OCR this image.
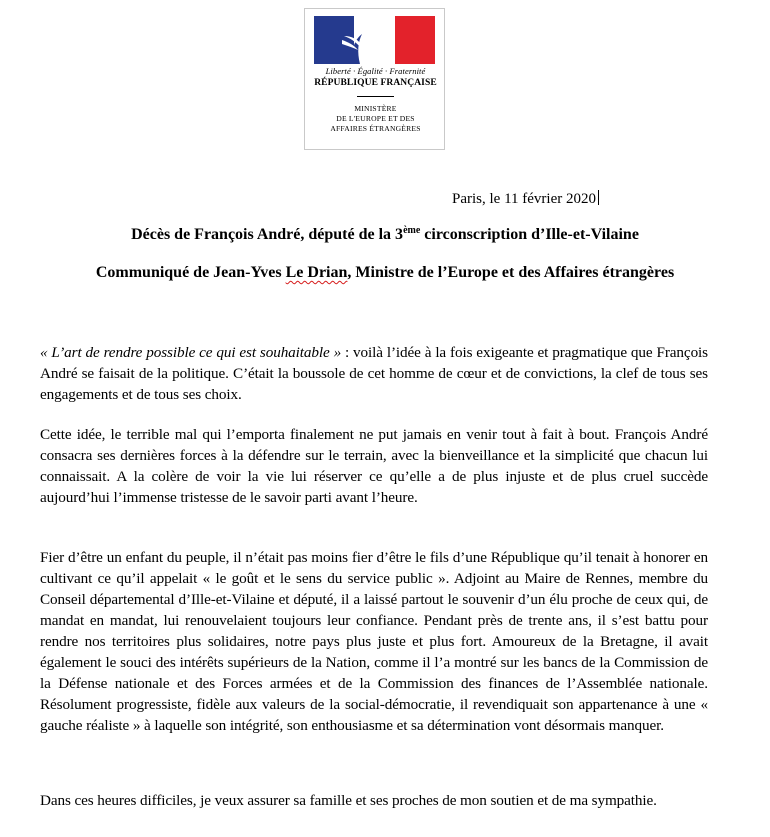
Liberté · Égalité · Fraternité
RÉPUBLIQUE FRANÇAISE
MINISTÈRE
DE L'EUROPE ET DES
AFFAIRES ÉTRANGÈRES
Paris, le 11 février 2020
Décès de François André, député de la 3ème circonscription d’Ille-et-Vilaine
Communiqué de Jean-Yves Le Drian, Ministre de l’Europe et des Affaires étrangères

« L’art de rendre possible ce qui est souhaitable » : voilà l’idée à la fois exigeante et pragmatique que François André se faisait de la politique. C’était la boussole de cet homme de cœur et de convictions, la clef de tous ses engagements et de tous ses choix.

Cette idée, le terrible mal qui l’emporta finalement ne put jamais en venir tout à fait à bout. François André consacra ses dernières forces à la défendre sur le terrain, avec la bienveillance et la simplicité que chacun lui connaissait. A la colère de voir la vie lui réserver ce qu’elle a de plus injuste et de plus cruel succède aujourd’hui l’immense tristesse de le savoir parti avant l’heure.

Fier d’être un enfant du peuple, il n’était pas moins fier d’être le fils d’une République qu’il tenait à honorer en cultivant ce qu’il appelait « le goût et le sens du service public ». Adjoint au Maire de Rennes, membre du Conseil départemental d’Ille-et-Vilaine et député, il a laissé partout le souvenir d’un élu proche de ceux qui, de mandat en mandat, lui renouvelaient toujours leur confiance. Pendant près de trente ans, il s’est battu pour rendre nos territoires plus solidaires, notre pays plus juste et plus fort. Amoureux de la Bretagne, il avait également le souci des intérêts supérieurs de la Nation, comme il l’a montré sur les bancs de la Commission de la Défense nationale et des Forces armées et de la Commission des finances de l’Assemblée nationale. Résolument progressiste, fidèle aux valeurs de la social-démocratie, il revendiquait son appartenance à une « gauche réaliste » à laquelle son intégrité, son enthousiasme et sa détermination vont désormais manquer.

Dans ces heures difficiles, je veux assurer sa famille et ses proches de mon soutien et de ma sympathie.
